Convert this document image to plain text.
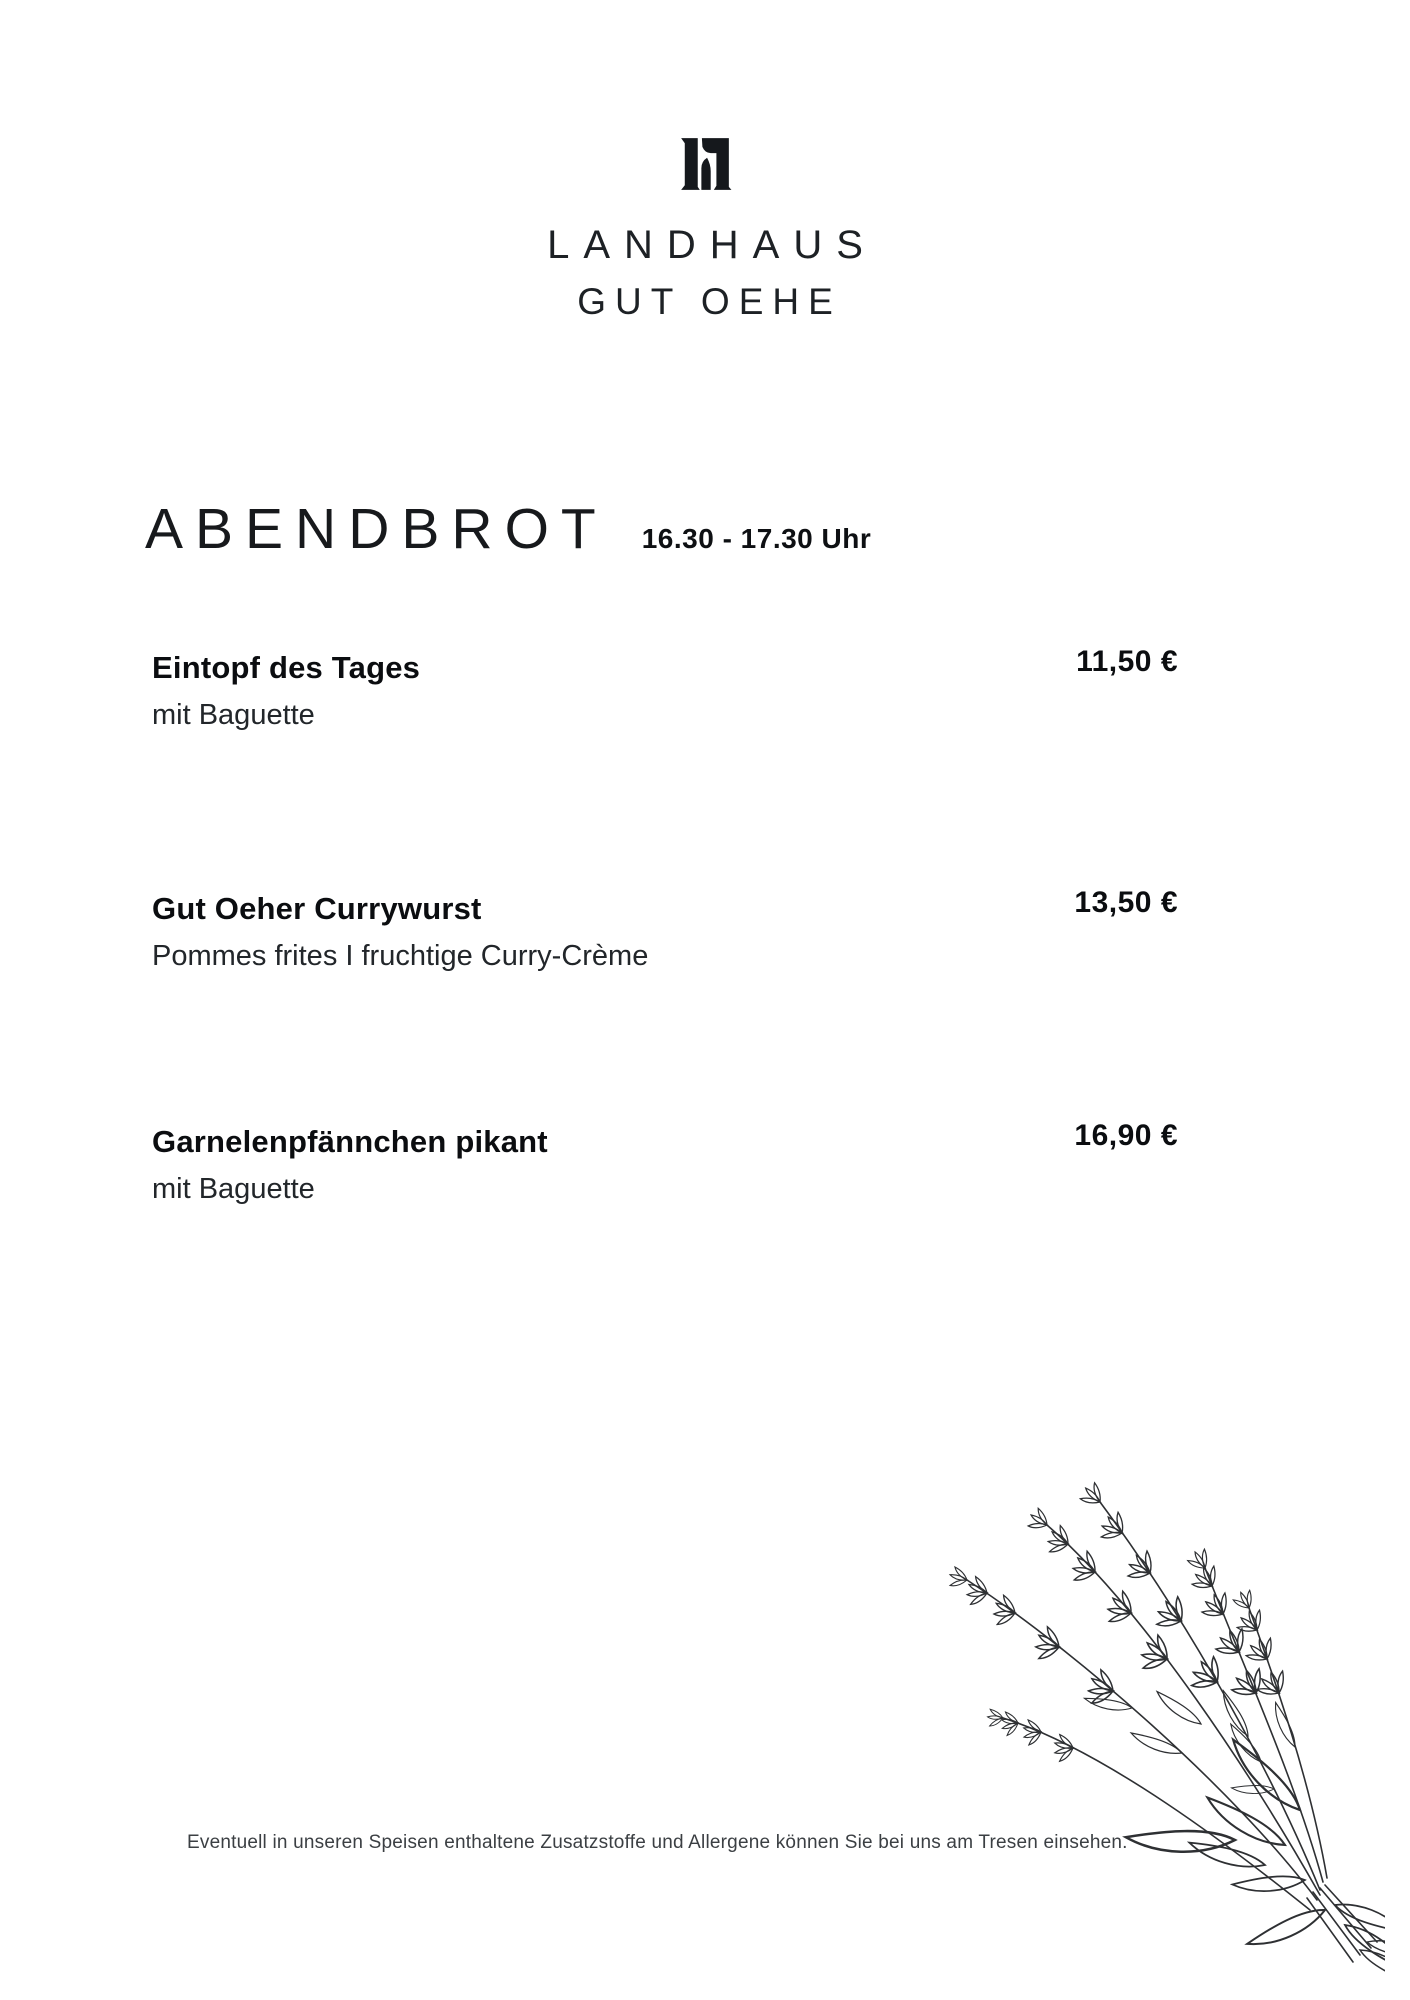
LANDHAUS
GUT OEHE
ABENDBROT 16.30 - 17.30 Uhr
Eintopf des Tages
mit Baguette
11,50 €
Gut Oeher Currywurst
Pommes frites I fruchtige Curry-Crème
13,50 €
Garnelenpfännchen pikant
mit Baguette
16,90 €
Eventuell in unseren Speisen enthaltene Zusatzstoffe und Allergene können Sie bei uns am Tresen einsehen.
